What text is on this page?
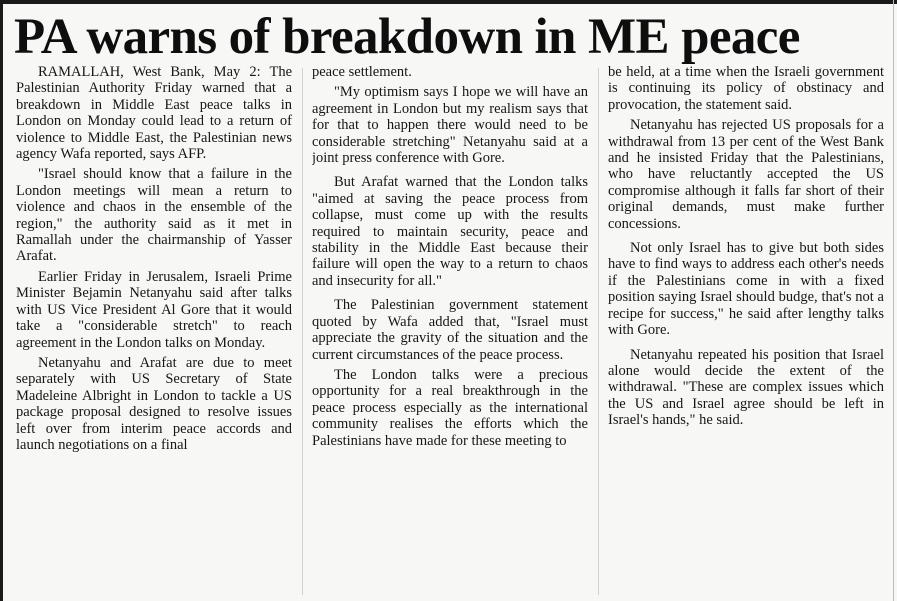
PA warns of breakdown in ME peace

RAMALLAH, West Bank, May 2: The Palestinian Authority Friday warned that a breakdown in Middle East peace talks in London on Monday could lead to a return of violence to Middle East, the Palestinian news agency Wafa reported, says AFP.

"Israel should know that a failure in the London meetings will mean a return to violence and chaos in the ensemble of the region," the authority said as it met in Ramallah under the chairmanship of Yasser Arafat.

Earlier Friday in Jerusalem, Israeli Prime Minister Bejamin Netanyahu said after talks with US Vice President Al Gore that it would take a "considerable stretch" to reach agreement in the London talks on Monday.

Netanyahu and Arafat are due to meet separately with US Secretary of State Madeleine Albright in London to tackle a US package proposal designed to resolve issues left over from interim peace accords and launch negotiations on a final

peace settlement.

"My optimism says I hope we will have an agreement in London but my realism says that for that to happen there would need to be considerable stretching" Netanyahu said at a joint press conference with Gore.

But Arafat warned that the London talks "aimed at saving the peace process from collapse, must come up with the results required to maintain security, peace and stability in the Middle East because their failure will open the way to a return to chaos and insecurity for all."

The Palestinian government statement quoted by Wafa added that, "Israel must appreciate the gravity of the situation and the current circumstances of the peace process.

The London talks were a precious opportunity for a real breakthrough in the peace process especially as the international community realises the efforts which the Palestinians have made for these meeting to

be held, at a time when the Israeli government is continuing its policy of obstinacy and provocation, the statement said.

Netanyahu has rejected US proposals for a withdrawal from 13 per cent of the West Bank and he insisted Friday that the Palestinians, who have reluctantly accepted the US compromise although it falls far short of their original demands, must make further concessions.

Not only Israel has to give but both sides have to find ways to address each other's needs if the Palestinians come in with a fixed position saying Israel should budge, that's not a recipe for success," he said after lengthy talks with Gore.

Netanyahu repeated his position that Israel alone would decide the extent of the withdrawal. "These are complex issues which the US and Israel agree should be left in Israel's hands," he said.
